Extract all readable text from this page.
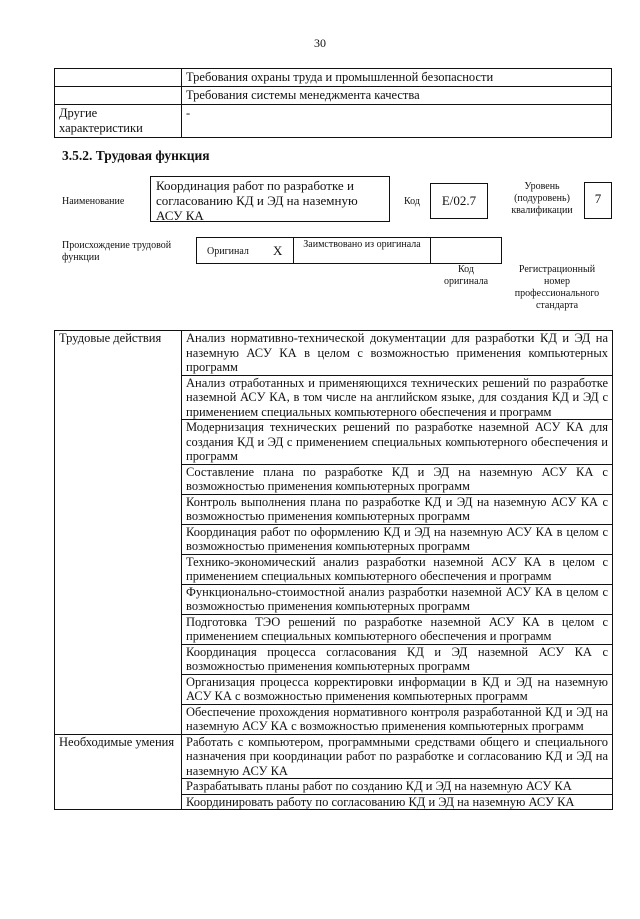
30
	Требования охраны труда и промышленной безопасности
	Требования системы менеджмента качества
Другие характеристики	-
3.5.2. Трудовая функция
Наименование
Координация работ по разработке и согласованию КД и ЭД на наземную АСУ КА
Код	E/02.7
Уровень (подуровень) квалификации
7
Происхождение трудовой функции
Оригинал X	Заимствовано из оригинала
Код оригинала
Регистрационный номер профессионального стандарта
Трудовые действия	Анализ нормативно-технической документации для разработки КД и ЭД на наземную АСУ КА в целом с возможностью применения компьютерных программ
	Анализ отработанных и применяющихся технических решений по разработке наземной АСУ КА, в том числе на английском языке, для создания КД и ЭД с применением специальных компьютерного обеспечения и программ
	Модернизация технических решений по разработке наземной АСУ КА для создания КД и ЭД с применением специальных компьютерного обеспечения и программ
	Составление плана по разработке КД и ЭД на наземную АСУ КА с возможностью применения компьютерных программ
	Контроль выполнения плана по разработке КД и ЭД на наземную АСУ КА с возможностью применения компьютерных программ
	Координация работ по оформлению КД и ЭД на наземную АСУ КА в целом с возможностью применения компьютерных программ
	Технико-экономический анализ разработки наземной АСУ КА в целом с применением специальных компьютерного обеспечения и программ
	Функционально-стоимостной анализ разработки наземной АСУ КА в целом с возможностью применения компьютерных программ
	Подготовка ТЭО решений по разработке наземной АСУ КА в целом с применением специальных компьютерного обеспечения и программ
	Координация процесса согласования КД и ЭД наземной АСУ КА с возможностью применения компьютерных программ
	Организация процесса корректировки информации в КД и ЭД на наземную АСУ КА с возможностью применения компьютерных программ
	Обеспечение прохождения нормативного контроля разработанной КД и ЭД на наземную АСУ КА с возможностью применения компьютерных программ
Необходимые умения	Работать с компьютером, программными средствами общего и специального назначения при координации работ по разработке и согласованию КД и ЭД на наземную АСУ КА
	Разрабатывать планы работ по созданию КД и ЭД на наземную АСУ КА
	Координировать работу по согласованию КД и ЭД на наземную АСУ КА
